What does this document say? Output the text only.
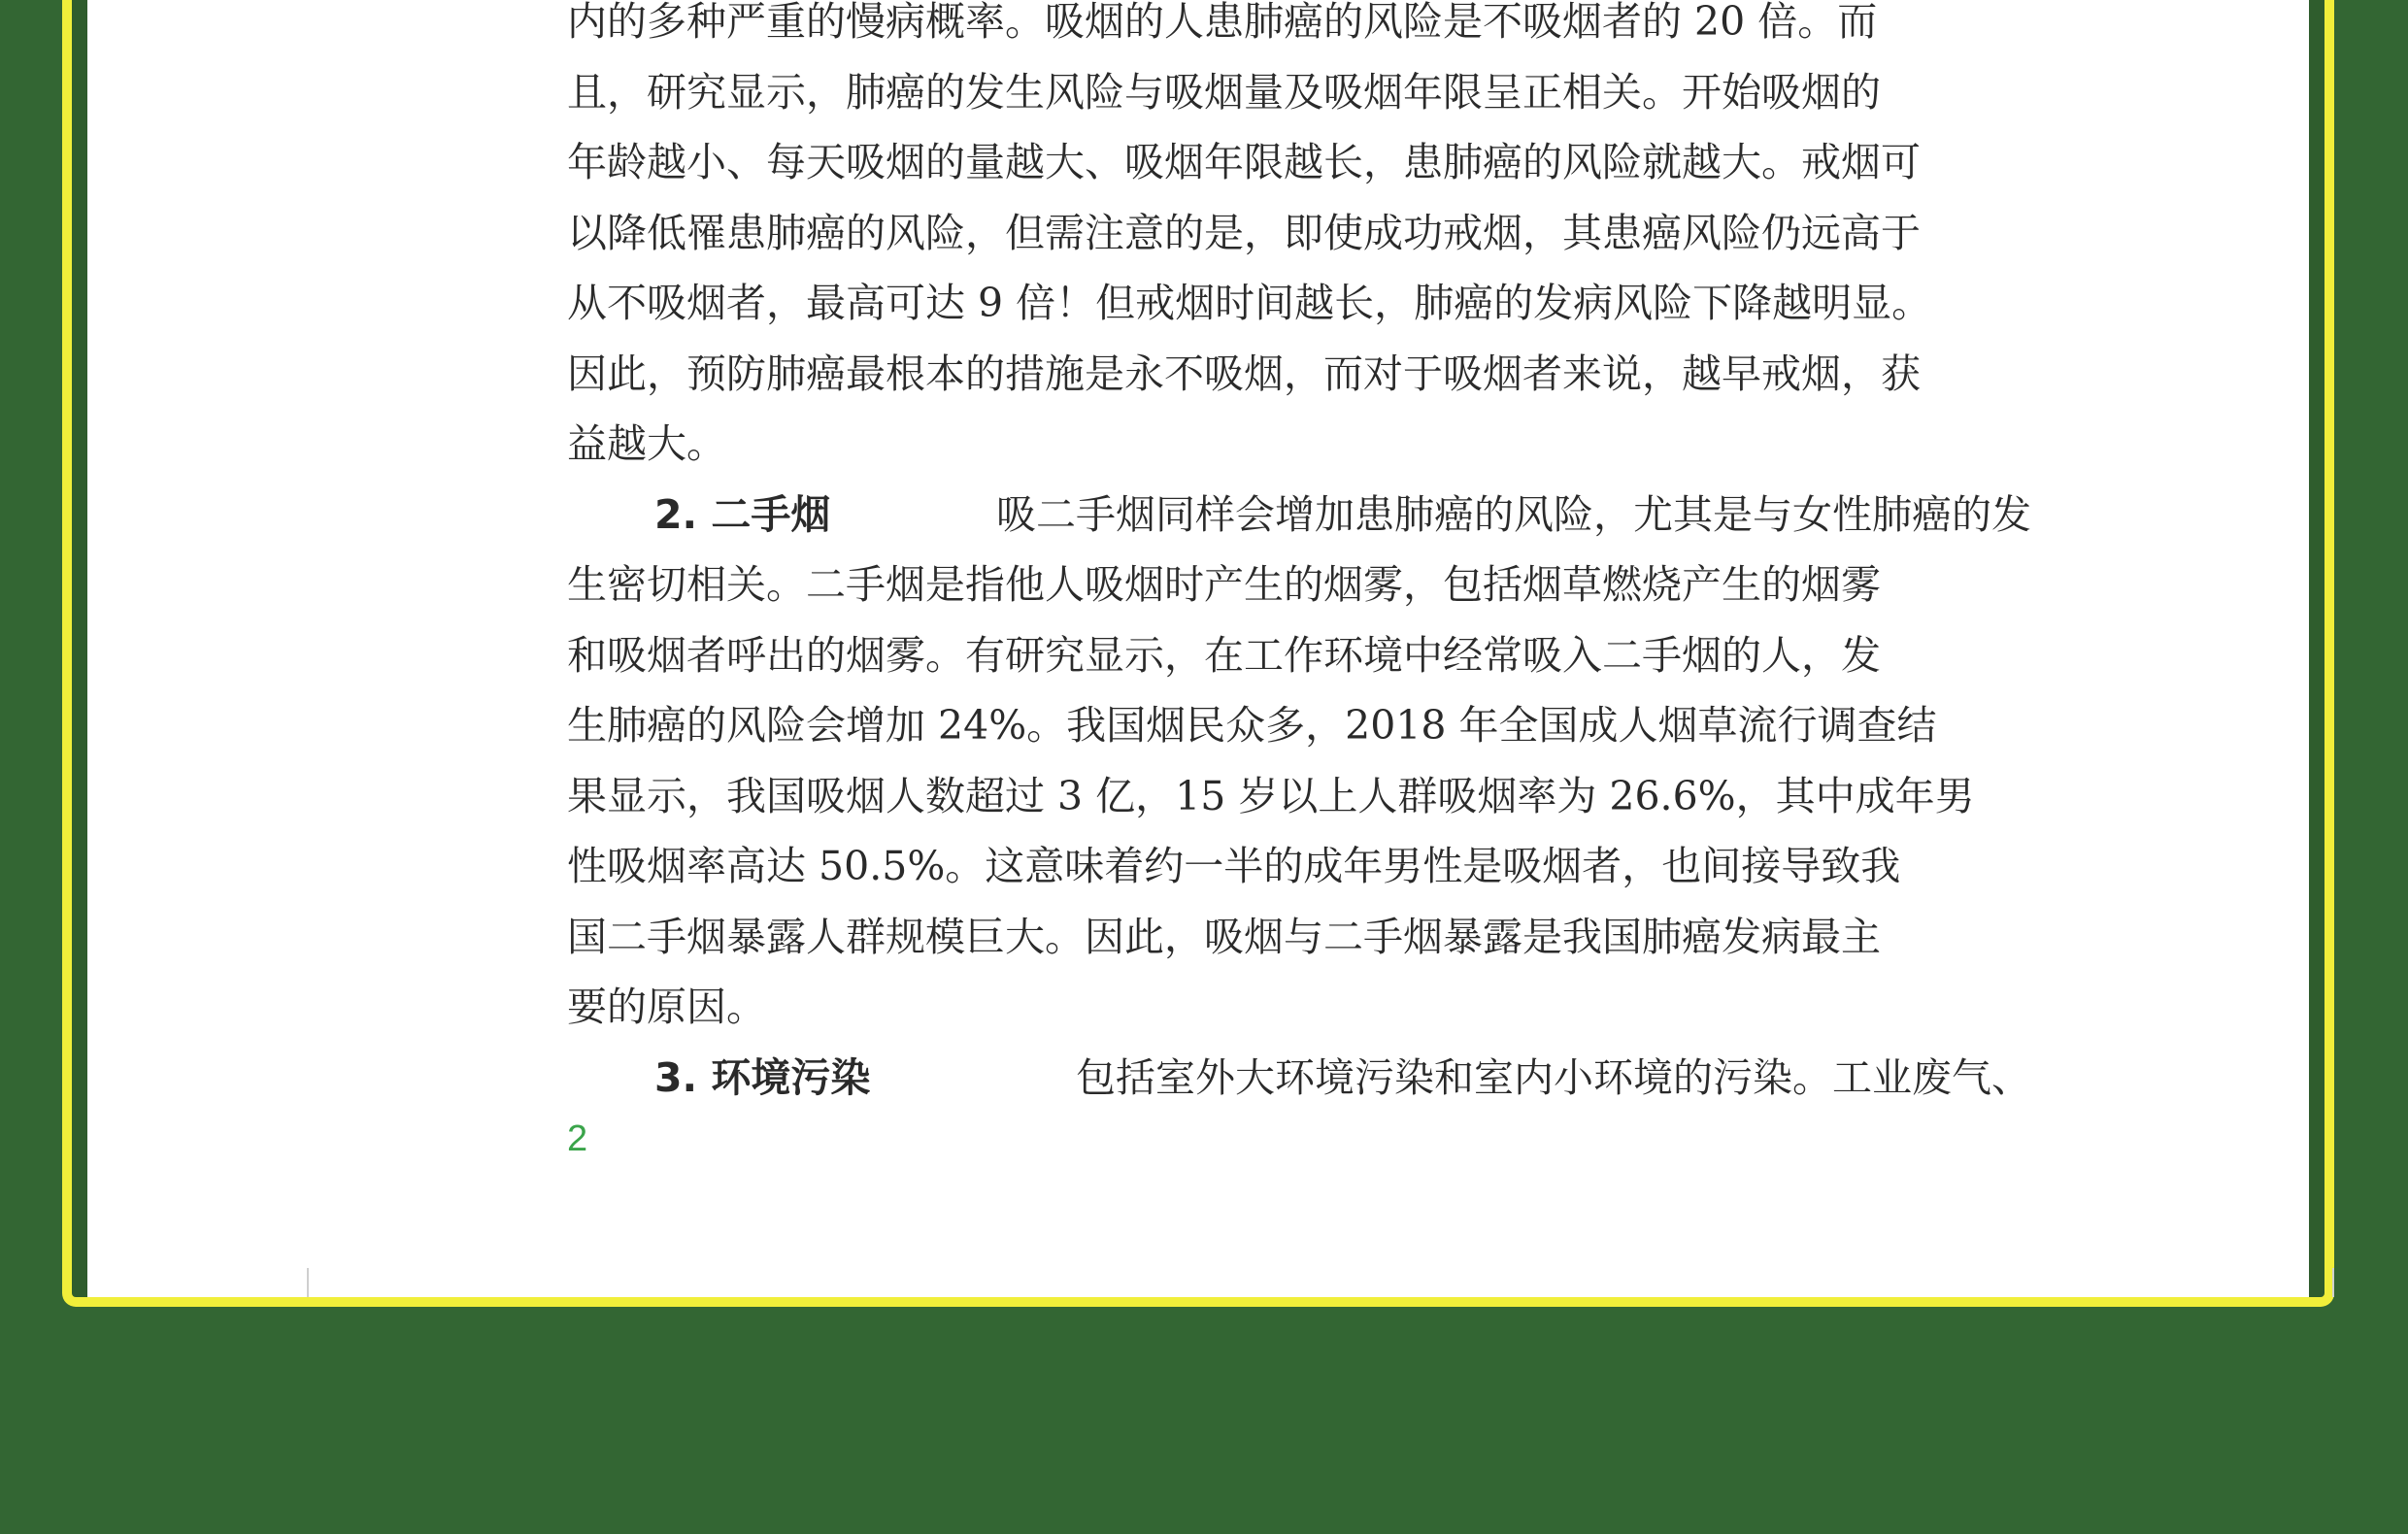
内的多种严重的慢病概率。吸烟的人患肺癌的风险是不吸烟者的 20 倍。而
且，研究显示，肺癌的发生风险与吸烟量及吸烟年限呈正相关。开始吸烟的
年龄越小、每天吸烟的量越大、吸烟年限越长，患肺癌的风险就越大。戒烟可
以降低罹患肺癌的风险，但需注意的是，即使成功戒烟，其患癌风险仍远高于
从不吸烟者，最高可达 9 倍！但戒烟时间越长，肺癌的发病风险下降越明显。
因此，预防肺癌最根本的措施是永不吸烟，而对于吸烟者来说，越早戒烟，获
益越大。
2. 二手烟	吸二手烟同样会增加患肺癌的风险，尤其是与女性肺癌的发
生密切相关。二手烟是指他人吸烟时产生的烟雾，包括烟草燃烧产生的烟雾
和吸烟者呼出的烟雾。有研究显示，在工作环境中经常吸入二手烟的人，发
生肺癌的风险会增加 24%。我国烟民众多，2018 年全国成人烟草流行调查结
果显示，我国吸烟人数超过 3 亿，15 岁以上人群吸烟率为 26.6%，其中成年男
性吸烟率高达 50.5%。这意味着约一半的成年男性是吸烟者，也间接导致我
国二手烟暴露人群规模巨大。因此，吸烟与二手烟暴露是我国肺癌发病最主
要的原因。
3. 环境污染	包括室外大环境污染和室内小环境的污染。工业废气、
2
